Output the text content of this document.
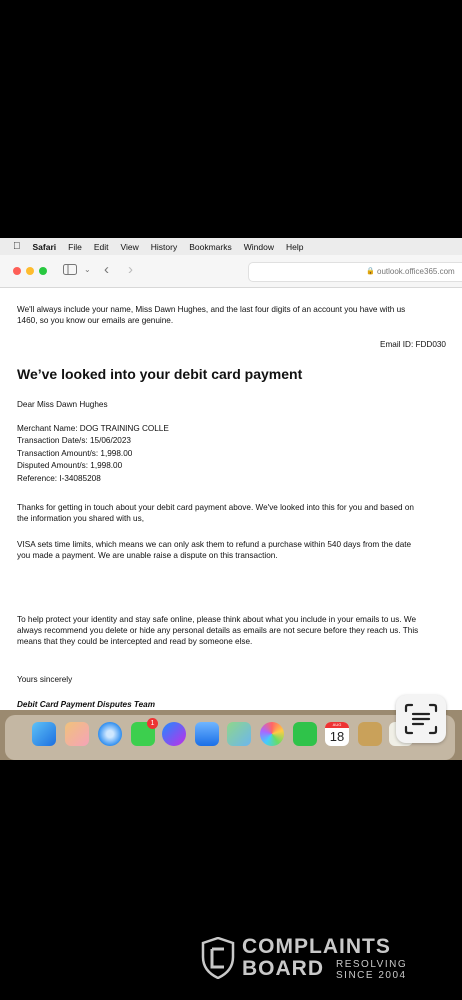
Safari File Edit View History Bookmarks Window Help
⌄ ‹ ›	🔒 outlook.office365.com

We'll always include your name, Miss Dawn Hughes, and the last four digits of an account you have with us

1460, so you know our emails are genuine.

Email ID: FDD030

We’ve looked into your debit card payment

Dear Miss Dawn Hughes

Merchant Name: DOG TRAINING COLLE

Transaction Date/s: 15/06/2023

Transaction Amount/s: 1,998.00

Disputed Amount/s: 1,998.00

Reference: I-34085208

Thanks for getting in touch about your debit card payment above. We've looked into this for you and based on

the information you shared with us,

VISA sets time limits, which means we can only ask them to refund a purchase within 540 days from the date

you made a payment. We are unable raise a dispute on this transaction.

To help protect your identity and stay safe online, please think about what you include in your emails to us. We

always recommend you delete or hide any personal details as emails are not secure before they reach us. This

means that they could be intercepted and read by someone else.

Yours sincerely

Debit Card Payment Disputes Team

1	AUG
18
COMPLAINTS
BOARD RESOLVING
SINCE 2004
